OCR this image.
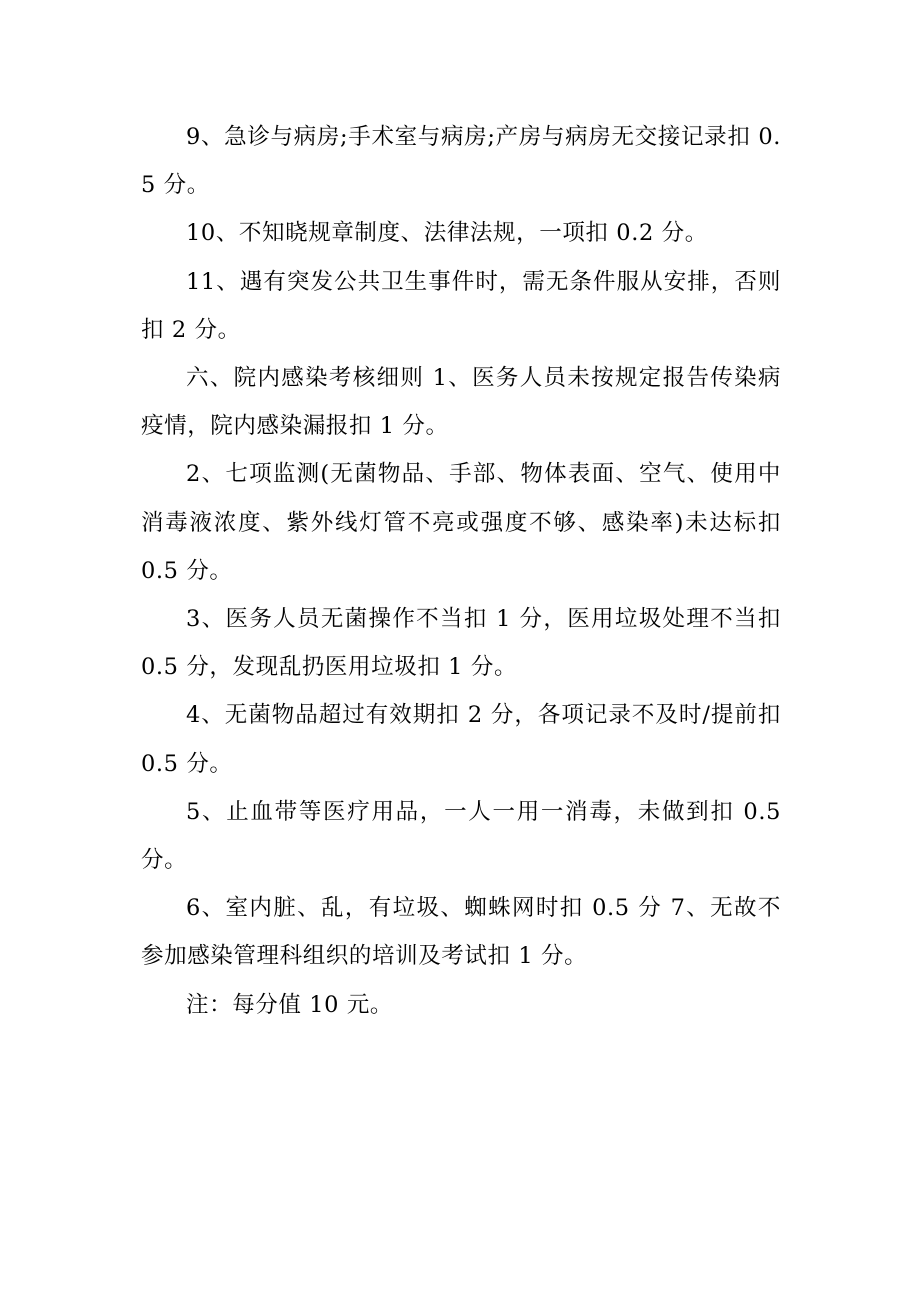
9、急诊与病房;手术室与病房;产房与病房无交接记录扣 0.5 分。

10、不知晓规章制度、法律法规，一项扣 0.2 分。

11、遇有突发公共卫生事件时，需无条件服从安排，否则扣 2 分。

六、院内感染考核细则 1、医务人员未按规定报告传染病疫情，院内感染漏报扣 1 分。

2、七项监测(无菌物品、手部、物体表面、空气、使用中消毒液浓度、紫外线灯管不亮或强度不够、感染率)未达标扣 0.5 分。

3、医务人员无菌操作不当扣 1 分，医用垃圾处理不当扣 0.5 分，发现乱扔医用垃圾扣 1 分。

4、无菌物品超过有效期扣 2 分，各项记录不及时/提前扣 0.5 分。

5、止血带等医疗用品，一人一用一消毒，未做到扣 0.5 分。

6、室内脏、乱，有垃圾、蜘蛛网时扣 0.5 分 7、无故不参加感染管理科组织的培训及考试扣 1 分。

注：每分值 10 元。
